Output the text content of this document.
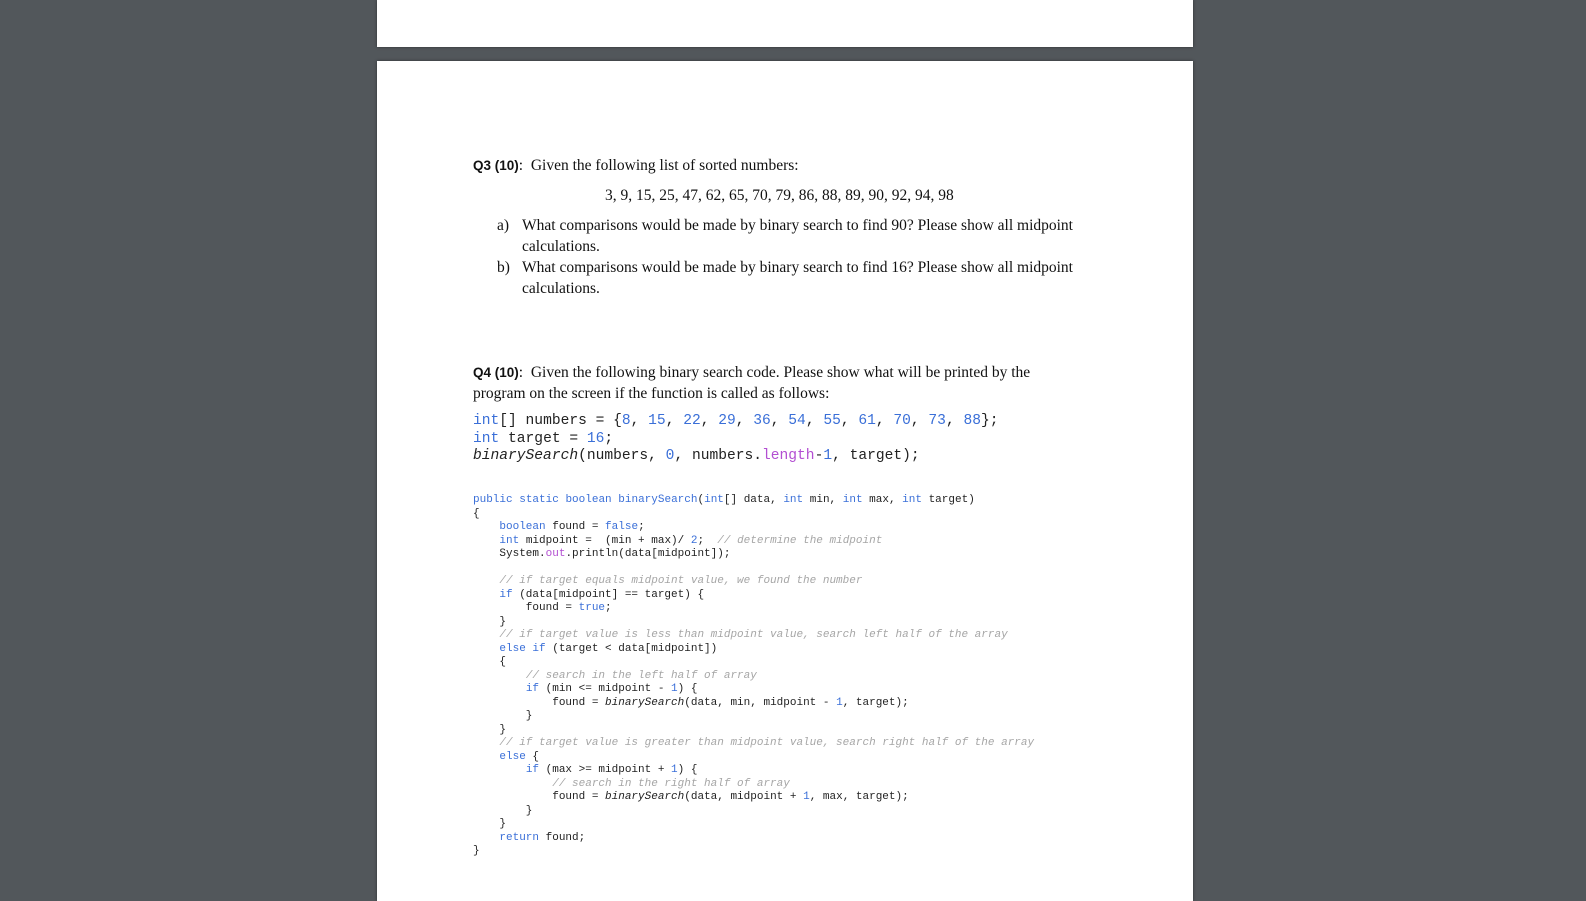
Q3 (10):  Given the following list of sorted numbers:
3, 9, 15, 25, 47, 62, 65, 70, 79, 86, 88, 89, 90, 92, 94, 98
a) What comparisons would be made by binary search to find 90? Please show all midpoint
calculations.
b) What comparisons would be made by binary search to find 16? Please show all midpoint
calculations.
Q4 (10):  Given the following binary search code. Please show what will be printed by the
program on the screen if the function is called as follows:
int[] numbers = {8, 15, 22, 29, 36, 54, 55, 61, 70, 73, 88};
int target = 16;
binarySearch(numbers, 0, numbers.length-1, target);
public static boolean binarySearch(int[] data, int min, int max, int target)
{
boolean found = false;
int midpoint =  (min + max)/ 2;  // determine the midpoint
System.out.println(data[midpoint]);

// if target equals midpoint value, we found the number
if (data[midpoint] == target) {
found = true;
}
// if target value is less than midpoint value, search left half of the array
else if (target < data[midpoint])
{
// search in the left half of array
if (min <= midpoint - 1) {
found = binarySearch(data, min, midpoint - 1, target);
}
}
// if target value is greater than midpoint value, search right half of the array
else {
if (max >= midpoint + 1) {
// search in the right half of array
found = binarySearch(data, midpoint + 1, max, target);
}
}
return found;
}
